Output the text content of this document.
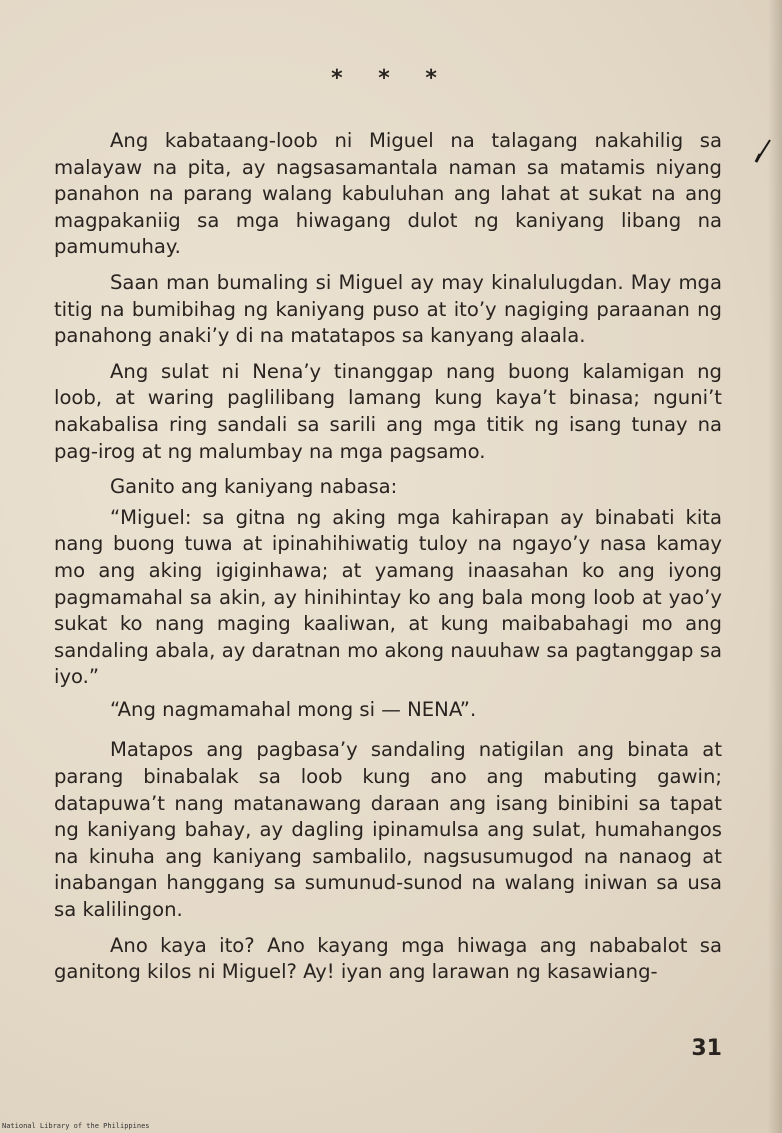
* * *

Ang kabataang-loob ni Miguel na talagang nakahilig sa malayaw na pita, ay nagsasamantala naman sa matamis niyang panahon na parang walang kabuluhan ang lahat at sukat na ang magpakaniig sa mga hiwagang dulot ng kaniyang libang na pamumuhay.

Saan man bumaling si Miguel ay may kinalulugdan. May mga titig na bumibihag ng kaniyang puso at ito’y nagiging paraanan ng panahong anaki’y di na matatapos sa kanyang alaala.

Ang sulat ni Nena’y tinanggap nang buong kalamigan ng loob, at waring paglilibang lamang kung kaya’t binasa; nguni’t nakabalisa ring sandali sa sarili ang mga titik ng isang tunay na pag-irog at ng malumbay na mga pagsamo.

Ganito ang kaniyang nabasa:

“Miguel: sa gitna ng aking mga kahirapan ay binabati kita nang buong tuwa at ipinahihiwatig tuloy na ngayo’y nasa kamay mo ang aking igiginhawa; at yamang inaasahan ko ang iyong pagmamahal sa akin, ay hinihintay ko ang bala mong loob at yao’y sukat ko nang maging kaaliwan, at kung maibabahagi mo ang sandaling abala, ay daratnan mo akong nauuhaw sa pagtanggap sa iyo.”

“Ang nagmamahal mong si — NENA”.

Matapos ang pagbasa’y sandaling natigilan ang binata at parang binabalak sa loob kung ano ang mabuting gawin; datapuwa’t nang matanawang daraan ang isang binibini sa tapat ng kaniyang bahay, ay dagling ipinamulsa ang sulat, humahangos na kinuha ang kaniyang sambalilo, nagsusumugod na nanaog at inabangan hanggang sa sumunud-sunod na walang iniwan sa usa sa kalilingon.

Ano kaya ito? Ano kayang mga hiwaga ang nababalot sa ganitong kilos ni Miguel? Ay! iyan ang larawan ng kasawiang-

31
National Library of the Philippines
